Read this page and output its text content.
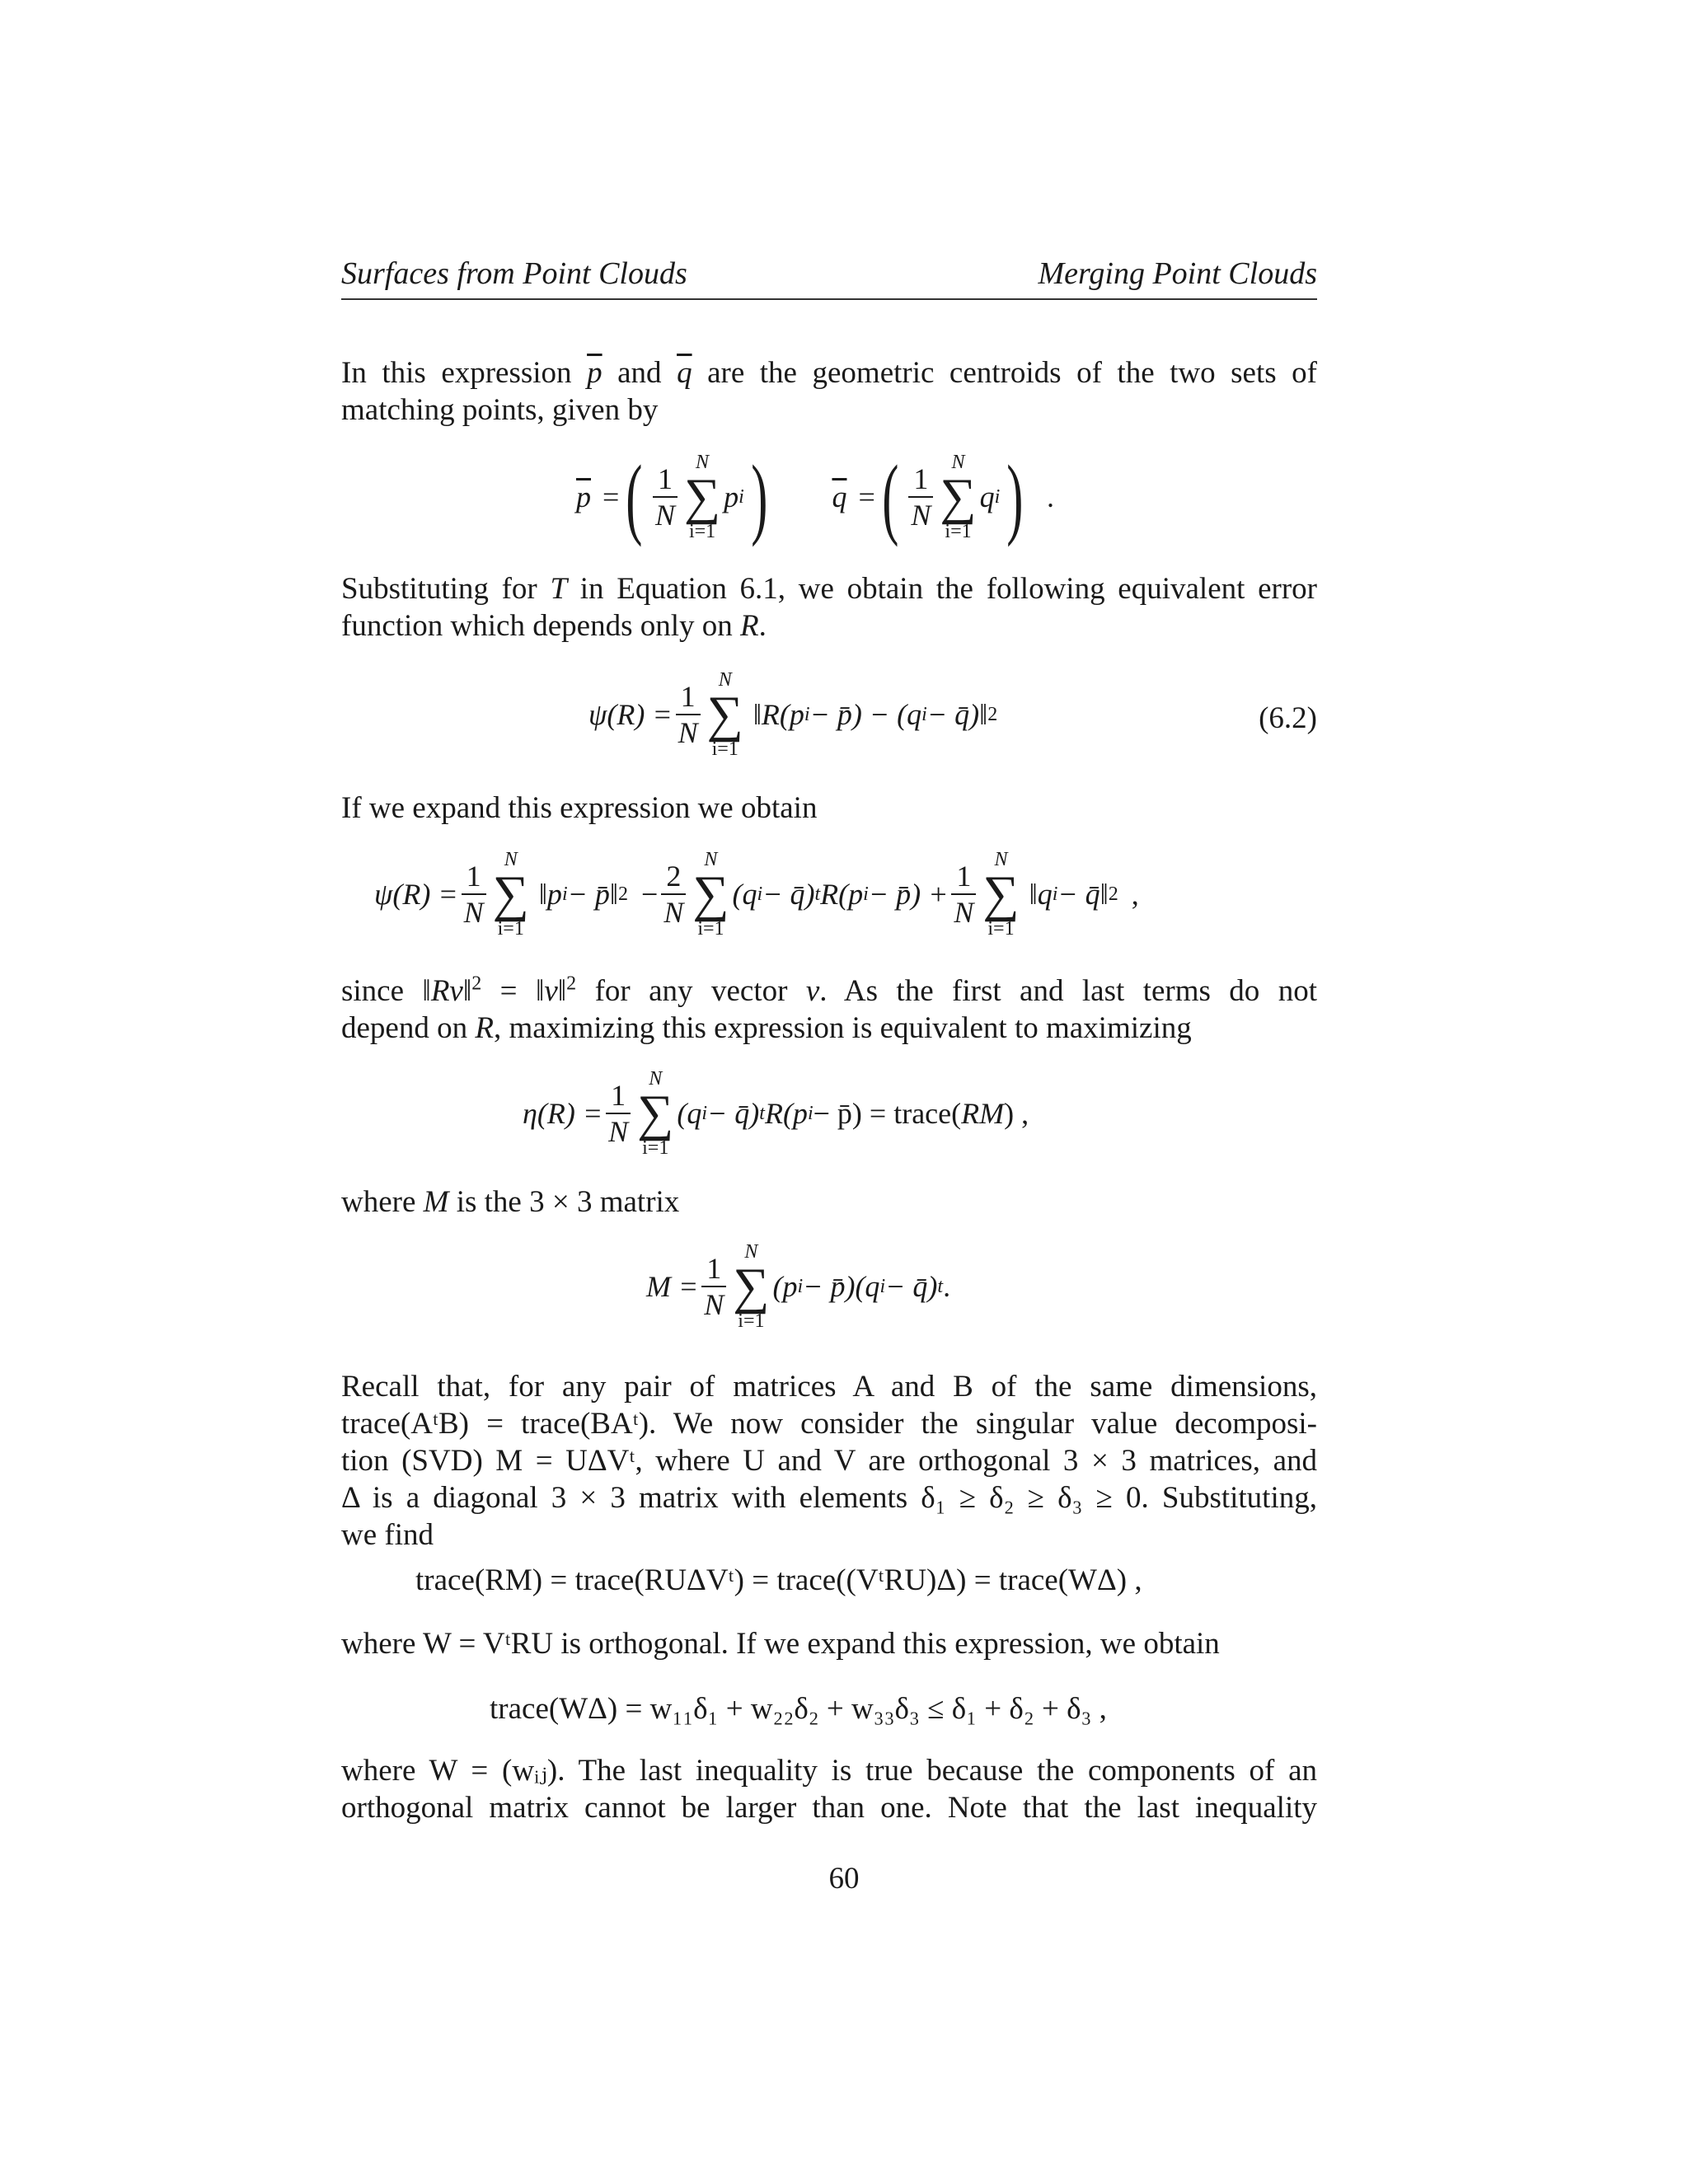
Surfaces from Point Clouds	Merging Point Clouds
In this expression $\overline{p}$ and $\overline{q}$ are the geometric centroids of the two sets of
matching points, given by
$\overline{p}$ = ( $\frac{1}{N}$ N
∑
i=1
p i ) $\overline{q}$ = ( $\frac{1}{N}$ N
∑
i=1
q i ) .
Substituting for T in Equation 6.1, we obtain the following equivalent error
function which depends only on R.
$\psi(R) = \frac{1}{N}$ N
∑
i=1
‖R(p i − p̄) − (q i − q̄)‖ 2	(6.2)
If we expand this expression we obtain
$\psi(R) = \frac{1}{N}$ N
∑
i=1
‖p i − p̄‖ $2 - \frac{2}{N}$ N
∑
i=1
(q i − q̄) t R(p i − p̄) + $\frac{1}{N}$ N
∑
i=1
‖q i − q̄‖ 2 ,
since ‖Rv‖$^2$ = ‖v‖$^2$ for any vector v. As the first and last terms do not
depend on R, maximizing this expression is equivalent to maximizing
$\eta(R) = \frac{1}{N}$ N
∑
i=1
(q i − q̄) t R(p i − p̄) = trace( RM ) ,
where M is the 3 × 3 matrix
$M = \frac{1}{N}$ N
∑
i=1
(p i − p̄)(q i − q̄) t .
Recall that, for any pair of matrices A and B of the same dimensions,
trace(AᵗB) = trace(BAᵗ). We now consider the singular value decomposi-
tion (SVD) M = UΔVᵗ, where U and V are orthogonal 3 × 3 matrices, and
Δ is a diagonal 3 × 3 matrix with elements δ₁ ≥ δ₂ ≥ δ₃ ≥ 0. Substituting,
we find
trace(RM) = trace(RUΔVᵗ) = trace((VᵗRU)Δ) = trace(WΔ) ,
where W = VᵗRU is orthogonal. If we expand this expression, we obtain
trace(WΔ) = w₁₁δ₁ + w₂₂δ₂ + w₃₃δ₃ ≤ δ₁ + δ₂ + δ₃ ,
where W = (wᵢⱼ). The last inequality is true because the components of an
orthogonal matrix cannot be larger than one. Note that the last inequality
60
